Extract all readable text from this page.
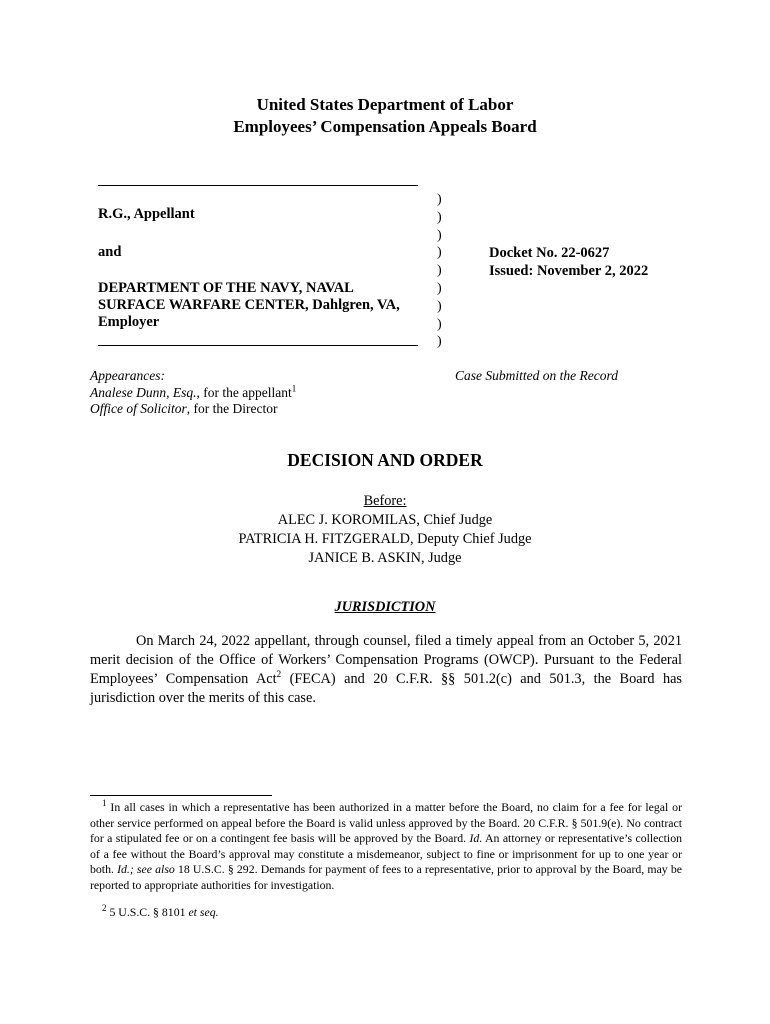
United States Department of Labor
Employees’ Compensation Appeals Board
R.G., Appellant
and
DEPARTMENT OF THE NAVY, NAVAL
SURFACE WARFARE CENTER, Dahlgren, VA,
Employer
)
)
)
)
)
)
)
)
)
Docket No. 22-0627
Issued: November 2, 2022
Appearances:
Analese Dunn, Esq., for the appellant$^1$
Office of Solicitor, for the Director
Case Submitted on the Record
DECISION AND ORDER
Before:
ALEC J. KOROMILAS, Chief Judge
PATRICIA H. FITZGERALD, Deputy Chief Judge
JANICE B. ASKIN, Judge
JURISDICTION
On March 24, 2022 appellant, through counsel, filed a timely appeal from an October 5, 2021 merit decision of the Office of Workers’ Compensation Programs (OWCP). Pursuant to the Federal Employees’ Compensation Act$^2$ (FECA) and 20 C.F.R. §§ 501.2(c) and 501.3, the Board has jurisdiction over the merits of this case.
$^1$ In all cases in which a representative has been authorized in a matter before the Board, no claim for a fee for legal or other service performed on appeal before the Board is valid unless approved by the Board. 20 C.F.R. § 501.9(e). No contract for a stipulated fee or on a contingent fee basis will be approved by the Board. Id. An attorney or representative’s collection of a fee without the Board’s approval may constitute a misdemeanor, subject to fine or imprisonment for up to one year or both. Id.; see also 18 U.S.C. § 292. Demands for payment of fees to a representative, prior to approval by the Board, may be reported to appropriate authorities for investigation.
$^2$ 5 U.S.C. § 8101 et seq.
